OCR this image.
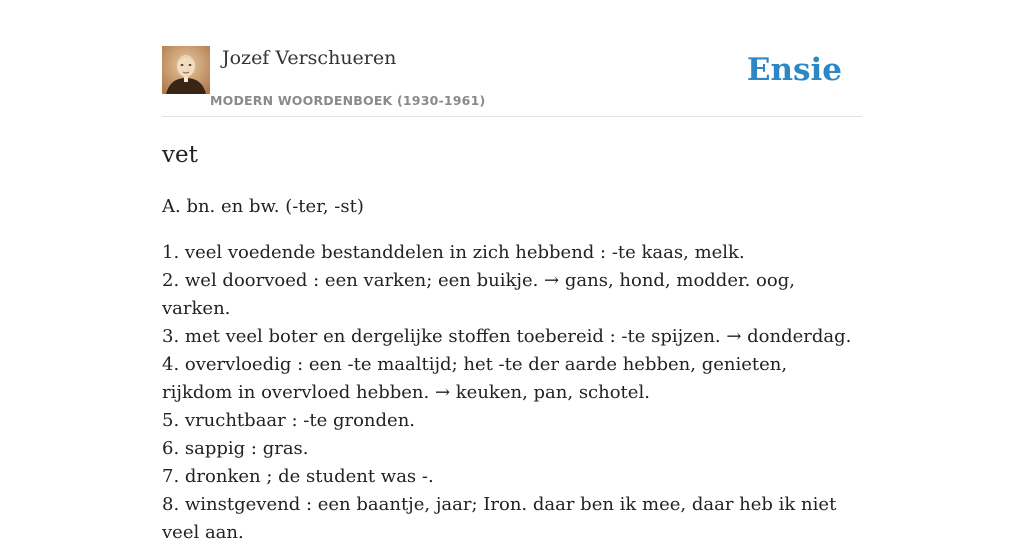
Jozef Verschueren
MODERN WOORDENBOEK (1930-1961)
Ensie
vet
A. bn. en bw. (-ter, -st)
1. veel voedende bestanddelen in zich hebbend : -te kaas, melk.
2. wel doorvoed : een varken; een buikje. → gans, hond, modder. oog, varken.
3. met veel boter en dergelijke stoffen toebereid : -te spijzen. → donderdag.
4. overvloedig : een -te maaltijd; het -te der aarde hebben, genieten, rijkdom in overvloed hebben. → keuken, pan, schotel.
5. vruchtbaar : -te gronden.
6. sappig : gras.
7. dronken ; de student was -.
8. winstgevend : een baantje, jaar; Iron. daar ben ik mee, daar heb ik niet veel aan.
